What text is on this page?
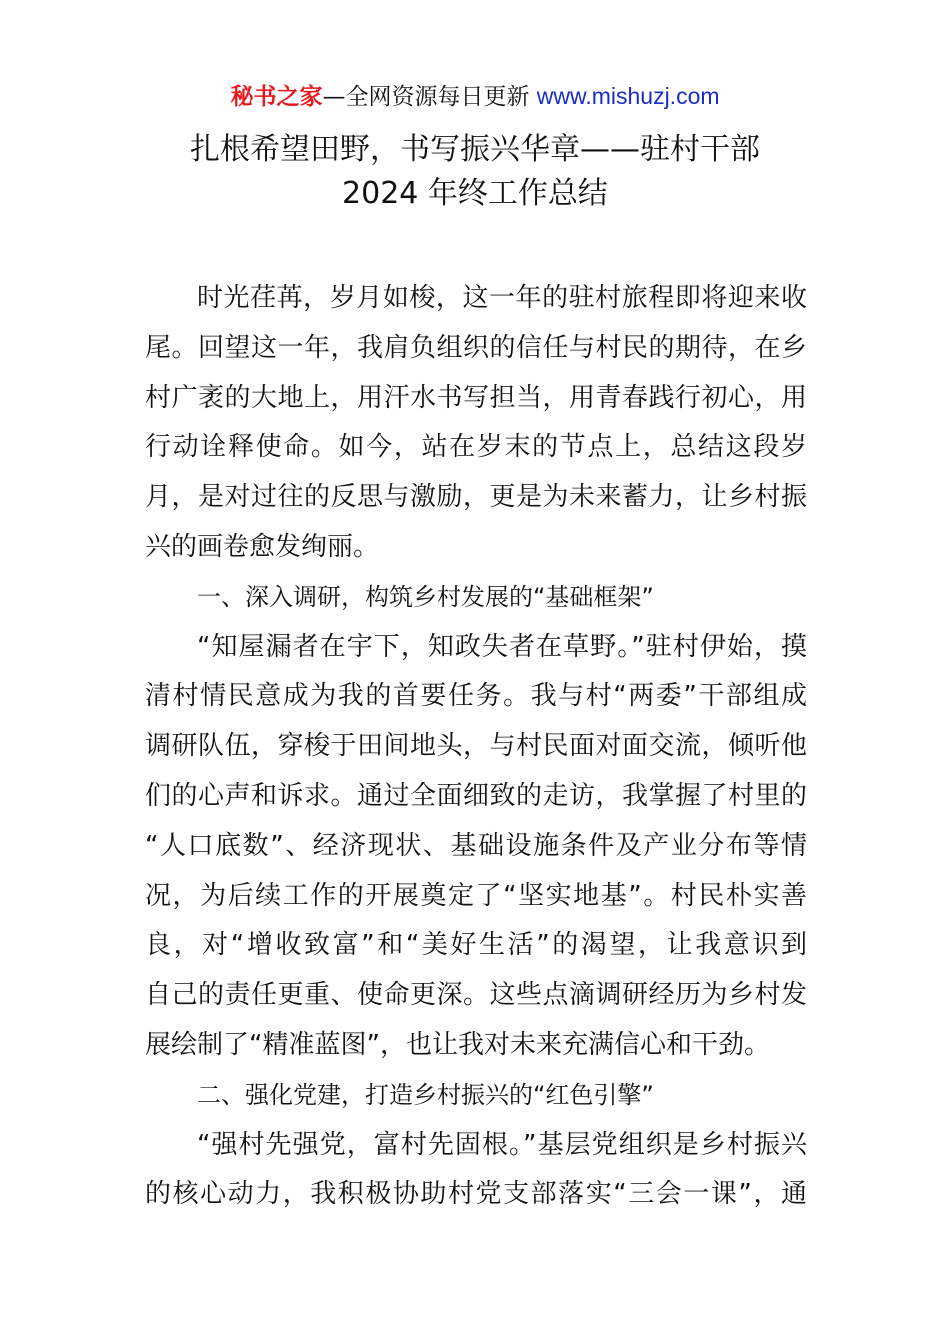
秘书之家—全网资源每日更新 www.mishuzj.com
扎根希望田野，书写振兴华章——驻村干部
2024 年终工作总结
时光荏苒，岁月如梭，这一年的驻村旅程即将迎来收
尾。回望这一年，我肩负组织的信任与村民的期待，在乡
村广袤的大地上，用汗水书写担当，用青春践行初心，用
行动诠释使命。如今，站在岁末的节点上，总结这段岁
月，是对过往的反思与激励，更是为未来蓄力，让乡村振
兴的画卷愈发绚丽。
一、深入调研，构筑乡村发展的“基础框架”
“知屋漏者在宇下，知政失者在草野。”驻村伊始，摸
清村情民意成为我的首要任务。我与村“两委”干部组成
调研队伍，穿梭于田间地头，与村民面对面交流，倾听他
们的心声和诉求。通过全面细致的走访，我掌握了村里的
“人口底数”、经济现状、基础设施条件及产业分布等情
况，为后续工作的开展奠定了“坚实地基”。村民朴实善
良，对“增收致富”和“美好生活”的渴望，让我意识到
自己的责任更重、使命更深。这些点滴调研经历为乡村发
展绘制了“精准蓝图”，也让我对未来充满信心和干劲。
二、强化党建，打造乡村振兴的“红色引擎”
“强村先强党，富村先固根。”基层党组织是乡村振兴
的核心动力，我积极协助村党支部落实“三会一课”，通
